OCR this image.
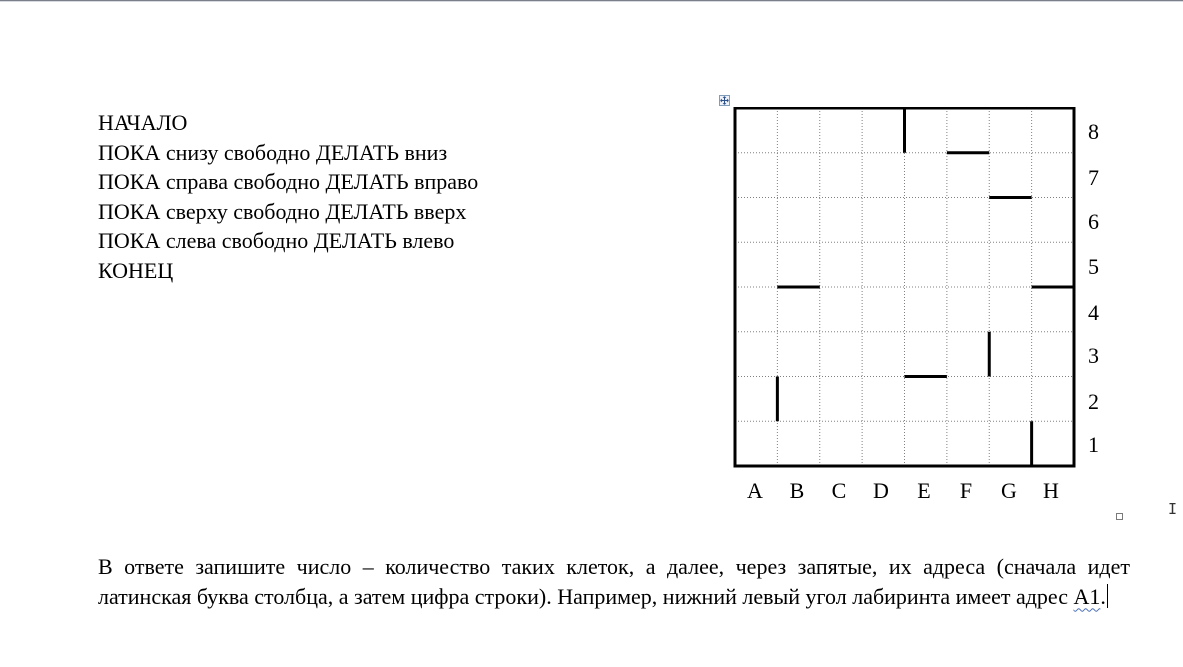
НАЧАЛО
ПОКА снизу свободно ДЕЛАТЬ вниз
ПОКА справа свободно ДЕЛАТЬ вправо
ПОКА сверху свободно ДЕЛАТЬ вверх
ПОКА слева свободно ДЕЛАТЬ влево
КОНЕЦ
8
7
6
5
4
3
2
1
A	B	C	D	E	F	G	H
I
В ответе запишите число – количество таких клеток, а далее, через запятые, их адреса (сначала идет латинская буква столбца, а затем цифра строки). Например, нижний левый угол лабиринта имеет адрес А1.
